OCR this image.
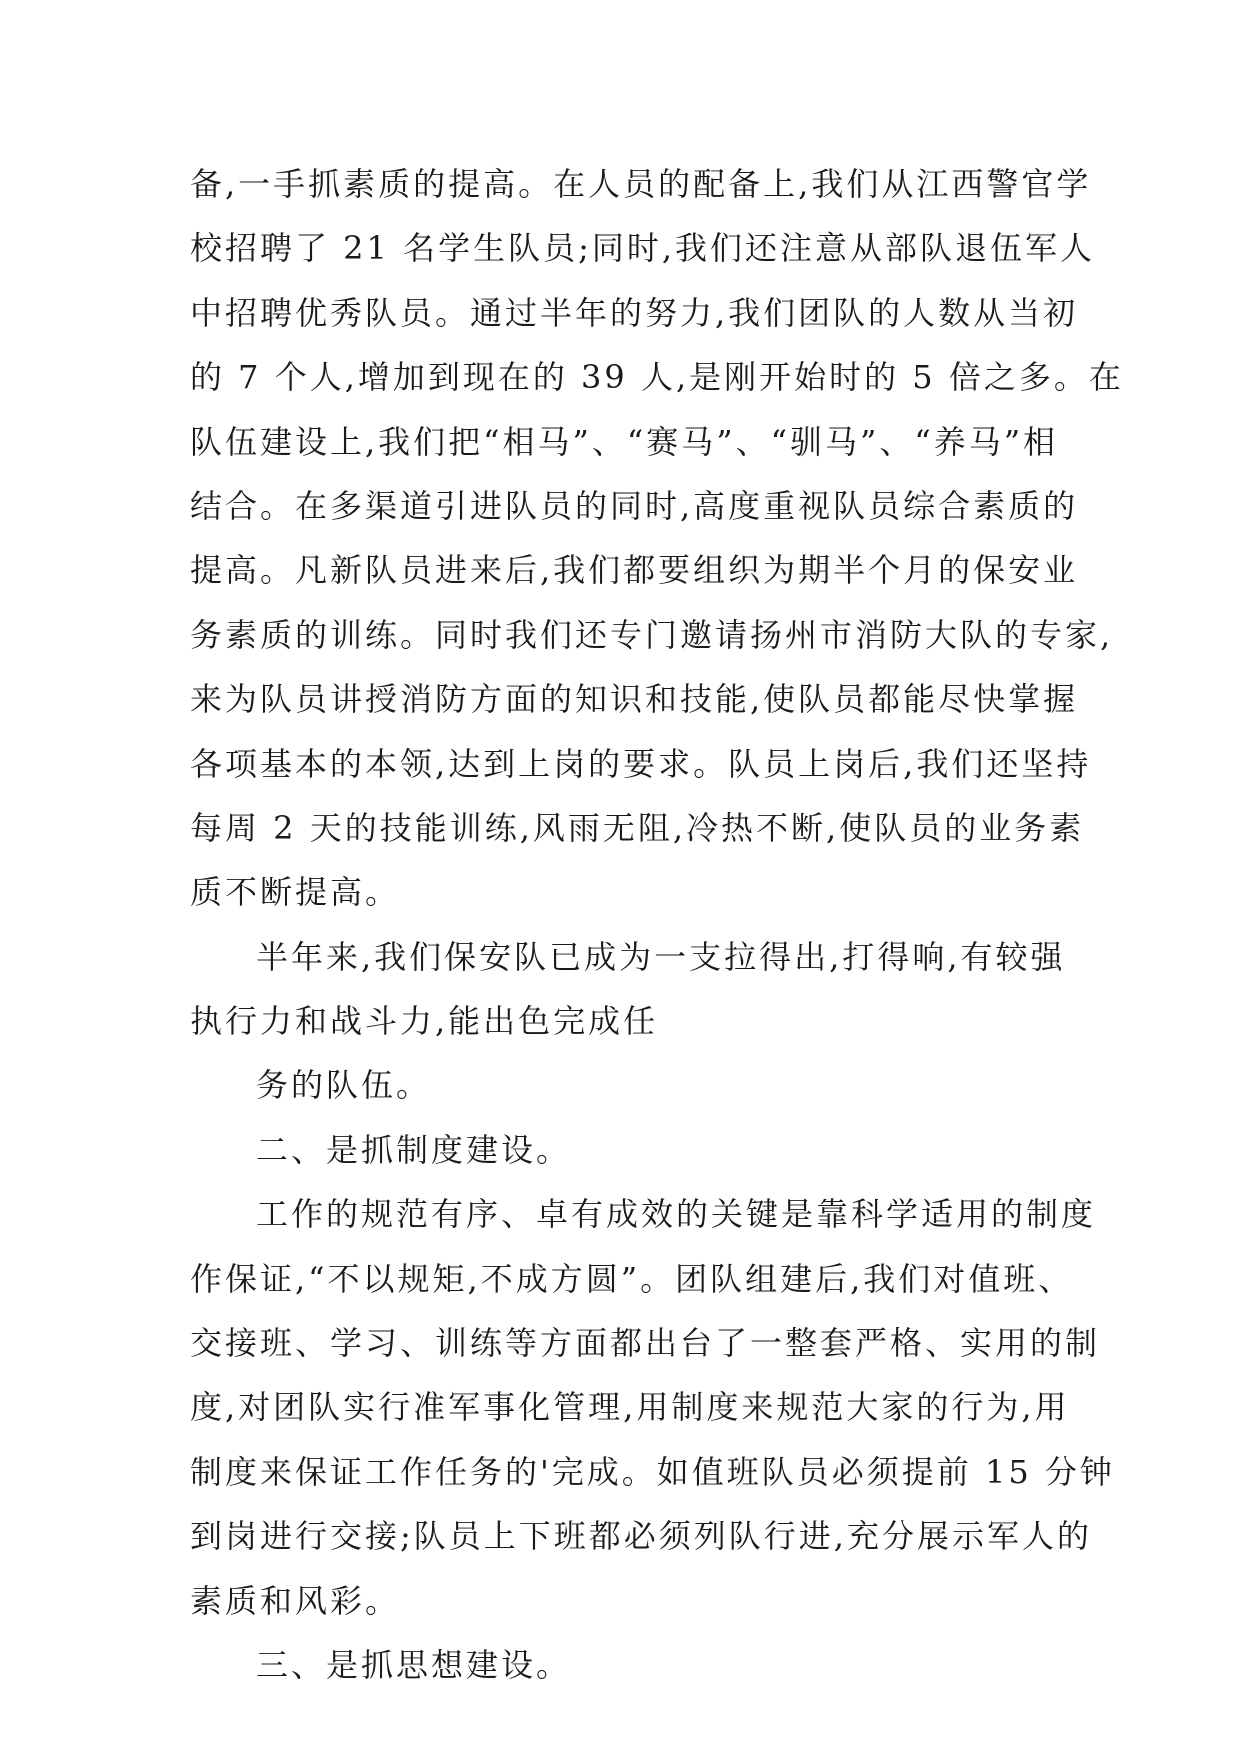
备,一手抓素质的提高。在人员的配备上,我们从江西警官学
校招聘了 21 名学生队员;同时,我们还注意从部队退伍军人
中招聘优秀队员。通过半年的努力,我们团队的人数从当初
的 7 个人,增加到现在的 39 人,是刚开始时的 5 倍之多。在
队伍建设上,我们把“相马”、“赛马”、“驯马”、“养马”相
结合。在多渠道引进队员的同时,高度重视队员综合素质的
提高。凡新队员进来后,我们都要组织为期半个月的保安业
务素质的训练。同时我们还专门邀请扬州市消防大队的专家,
来为队员讲授消防方面的知识和技能,使队员都能尽快掌握
各项基本的本领,达到上岗的要求。队员上岗后,我们还坚持
每周 2 天的技能训练,风雨无阻,冷热不断,使队员的业务素
质不断提高。
半年来,我们保安队已成为一支拉得出,打得响,有较强
执行力和战斗力,能出色完成任
务的队伍。
二、是抓制度建设。
工作的规范有序、卓有成效的关键是靠科学适用的制度
作保证,“不以规矩,不成方圆”。团队组建后,我们对值班、
交接班、学习、训练等方面都出台了一整套严格、实用的制
度,对团队实行准军事化管理,用制度来规范大家的行为,用
制度来保证工作任务的'完成。如值班队员必须提前 15 分钟
到岗进行交接;队员上下班都必须列队行进,充分展示军人的
素质和风彩。
三、是抓思想建设。
